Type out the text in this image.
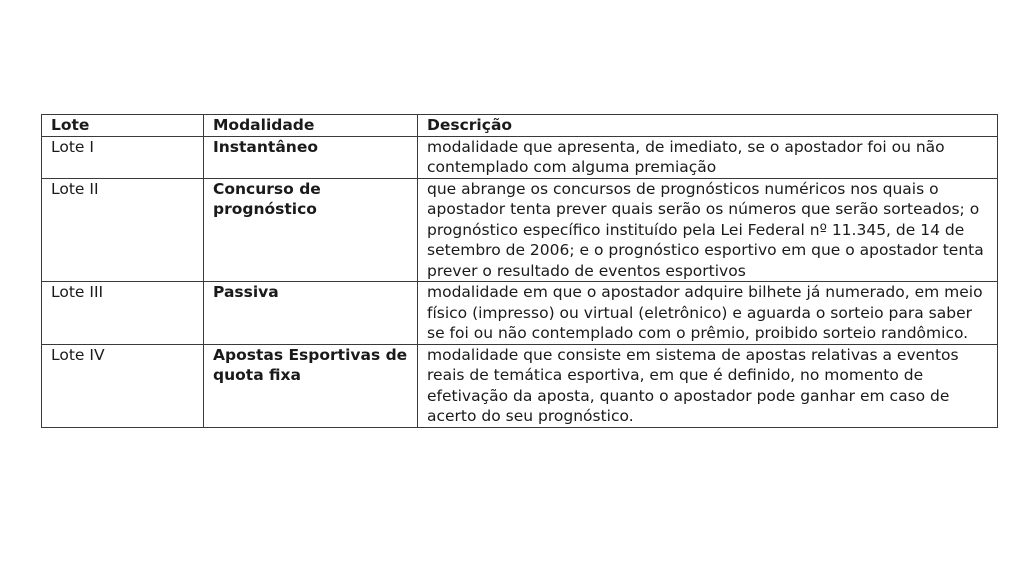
Lote	Modalidade	Descrição
Lote I	Instantâneo	modalidade que apresenta, de imediato, se o apostador foi ou não contemplado com alguma premiação
Lote II	Concurso de prognóstico	que abrange os concursos de prognósticos numéricos nos quais o apostador tenta prever quais serão os números que serão sorteados; o prognóstico específico instituído pela Lei Federal nº 11.345, de 14 de setembro de 2006; e o prognóstico esportivo em que o apostador tenta prever o resultado de eventos esportivos
Lote III	Passiva	modalidade em que o apostador adquire bilhete já numerado, em meio físico (impresso) ou virtual (eletrônico) e aguarda o sorteio para saber se foi ou não contemplado com o prêmio, proibido sorteio randômico.
Lote IV	Apostas Esportivas de quota fixa	modalidade que consiste em sistema de apostas relativas a eventos reais de temática esportiva, em que é definido, no momento de efetivação da aposta, quanto o apostador pode ganhar em caso de acerto do seu prognóstico.
